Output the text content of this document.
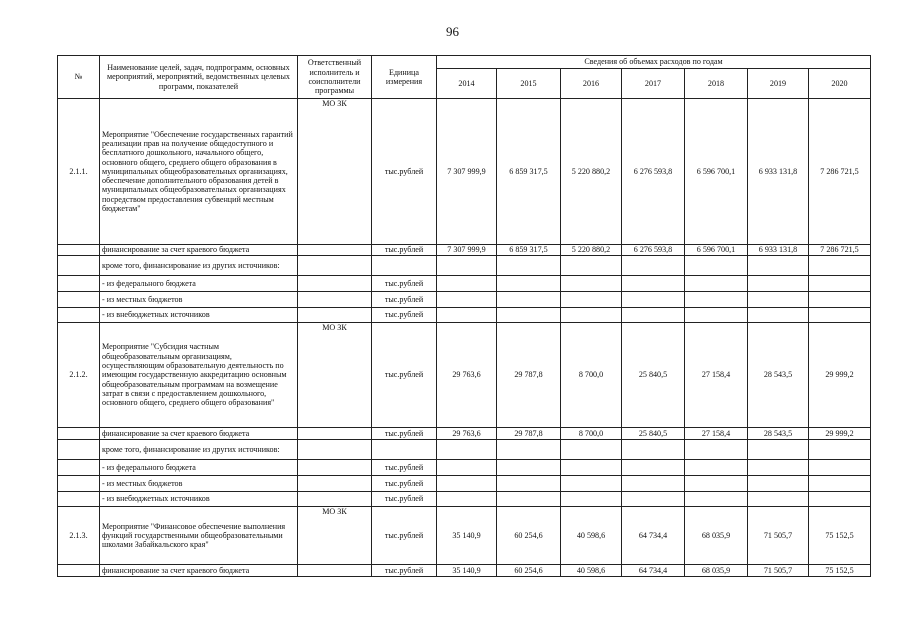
96
№	Наименование целей, задач, подпрограмм, основных мероприятий, мероприятий, ведомственных целевых программ, показателей	Ответственный исполнитель и соисполнители программы	Единица измерения	Сведения об объемах расходов по годам						
				2014	2015	2016	2017	2018	2019	2020
2.1.1.	Мероприятие "Обеспечение государственных гарантий реализации прав на получение общедоступного и бесплатного дошкольного, начального общего, основного общего, среднего общего образования в муниципальных общеобразовательных организациях, обеспечение дополнительного образования детей в муниципальных общеобразовательных организациях посредством предоставления субвенций местным бюджетам"	МО ЗК	тыс.рублей	7 307 999,9	6 859 317,5	5 220 880,2	6 276 593,8	6 596 700,1	6 933 131,8	7 286 721,5
	финансирование за счет краевого бюджета		тыс.рублей	7 307 999,9	6 859 317,5	5 220 880,2	6 276 593,8	6 596 700,1	6 933 131,8	7 286 721,5
	кроме того, финансирование из других источников:									
	- из федерального бюджета		тыс.рублей							
	- из местных бюджетов		тыс.рублей							
	- из внебюджетных источников		тыс.рублей							
2.1.2.	Мероприятие "Субсидия частным общеобразовательным организациям, осуществляющим образовательную деятельность по имеющим государственную аккредитацию основным общеобразовательным программам на возмещение затрат в связи с предоставлением дошкольного, основного общего, среднего общего образования"	МО ЗК	тыс.рублей	29 763,6	29 787,8	8 700,0	25 840,5	27 158,4	28 543,5	29 999,2
	финансирование за счет краевого бюджета		тыс.рублей	29 763,6	29 787,8	8 700,0	25 840,5	27 158,4	28 543,5	29 999,2
	кроме того, финансирование из других источников:									
	- из федерального бюджета		тыс.рублей							
	- из местных бюджетов		тыс.рублей							
	- из внебюджетных источников		тыс.рублей							
2.1.3.	Мероприятие "Финансовое обеспечение выполнения функций государственными общеобразовательными школами Забайкальского края"	МО ЗК	тыс.рублей	35 140,9	60 254,6	40 598,6	64 734,4	68 035,9	71 505,7	75 152,5
	финансирование за счет краевого бюджета		тыс.рублей	35 140,9	60 254,6	40 598,6	64 734,4	68 035,9	71 505,7	75 152,5
